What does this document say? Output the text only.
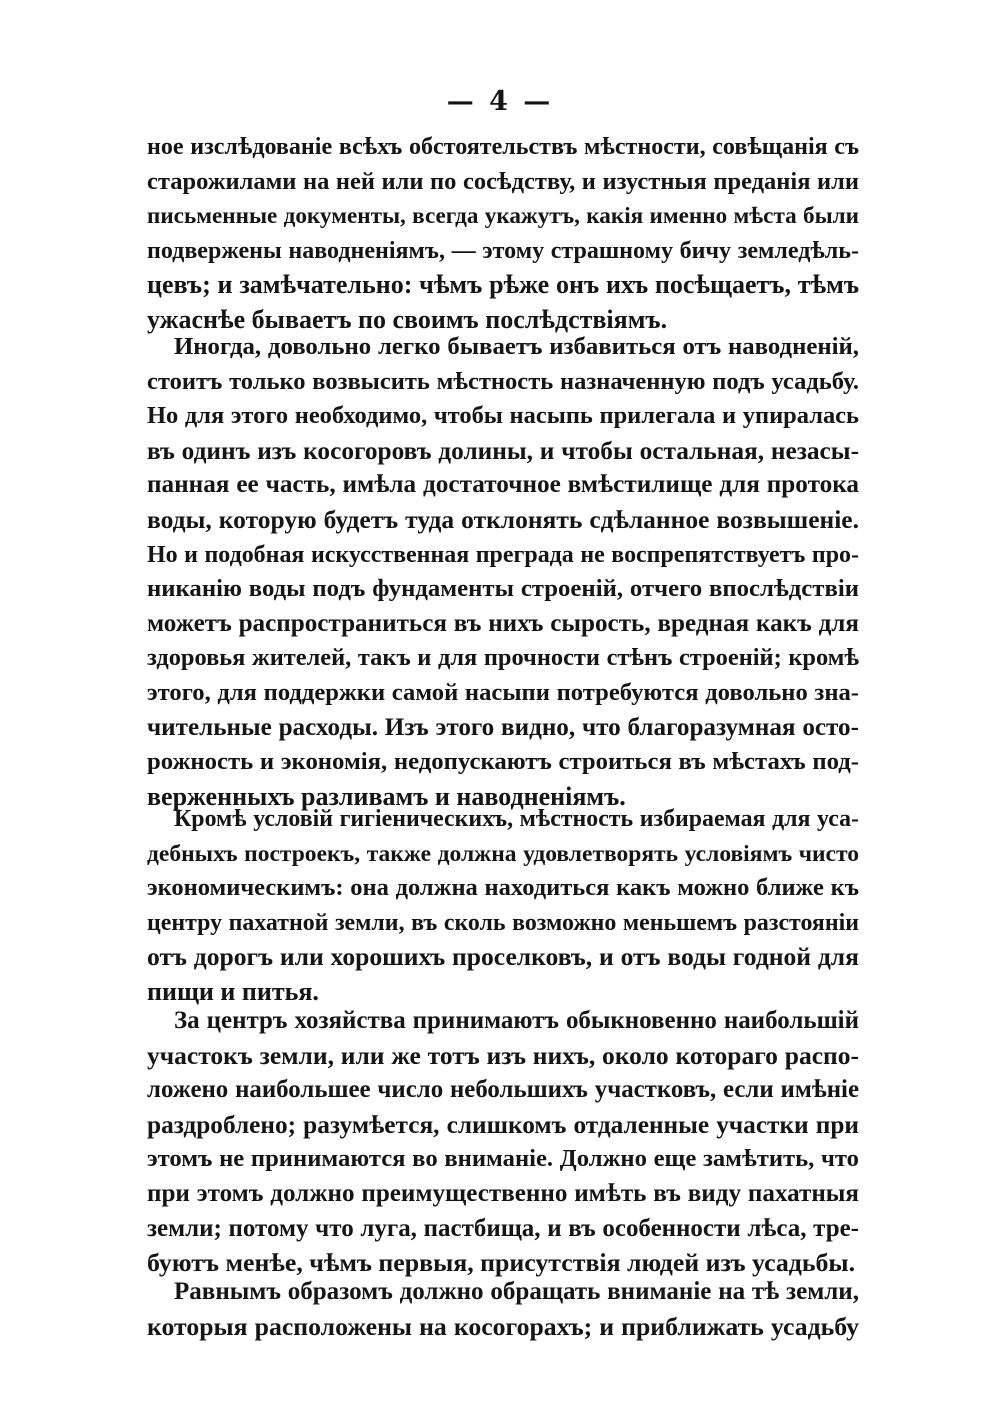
— 4 —
ное изслѣдованіе всѣхъ обстоятельствъ мѣстности, совѣщанія съ
старожилами на ней или по сосѣдству, и изустныя преданія или
письменные документы, всегда укажутъ, какія именно мѣста были
подвержены наводненіямъ, — этому страшному бичу земледѣль-
цевъ; и замѣчательно: чѣмъ рѣже онъ ихъ посѣщаетъ, тѣмъ
ужаснѣе бываетъ по своимъ послѣдствіямъ.
Иногда, довольно легко бываетъ избавиться отъ наводненій,
стоитъ только возвысить мѣстность назначенную подъ усадьбу.
Но для этого необходимо, чтобы насыпь прилегала и упиралась
въ одинъ изъ косогоровъ долины, и чтобы остальная, незасы-
панная ее часть, имѣла достаточное вмѣстилище для протока
воды, которую будетъ туда отклонять сдѣланное возвышеніе.
Но и подобная искусственная преграда не воспрепятствуетъ про-
никанію воды подъ фундаменты строеній, отчего впослѣдствіи
можетъ распространиться въ нихъ сырость, вредная какъ для
здоровья жителей, такъ и для прочности стѣнъ строеній; кромѣ
этого, для поддержки самой насыпи потребуются довольно зна-
чительные расходы. Изъ этого видно, что благоразумная осто-
рожность и экономія, недопускаютъ строиться въ мѣстахъ под-
верженныхъ разливамъ и наводненіямъ.
Кромѣ условій гигіеническихъ, мѣстность избираемая для уса-
дебныхъ построекъ, также должна удовлетворять условіямъ чисто
экономическимъ: она должна находиться какъ можно ближе къ
центру пахатной земли, въ сколь возможно меньшемъ разстояніи
отъ дорогъ или хорошихъ проселковъ, и отъ воды годной для
пищи и питья.
За центръ хозяйства принимаютъ обыкновенно наибольшій
участокъ земли, или же тотъ изъ нихъ, около котораго распо-
ложено наибольшее число небольшихъ участковъ, если имѣніе
раздроблено; разумѣется, слишкомъ отдаленные участки при
этомъ не принимаются во вниманіе. Должно еще замѣтить, что
при этомъ должно преимущественно имѣть въ виду пахатныя
земли; потому что луга, пастбища, и въ особенности лѣса, тре-
буютъ менѣе, чѣмъ первыя, присутствія людей изъ усадьбы.
Равнымъ образомъ должно обращать вниманіе на тѣ земли,
которыя расположены на косогорахъ; и приближать усадьбу
